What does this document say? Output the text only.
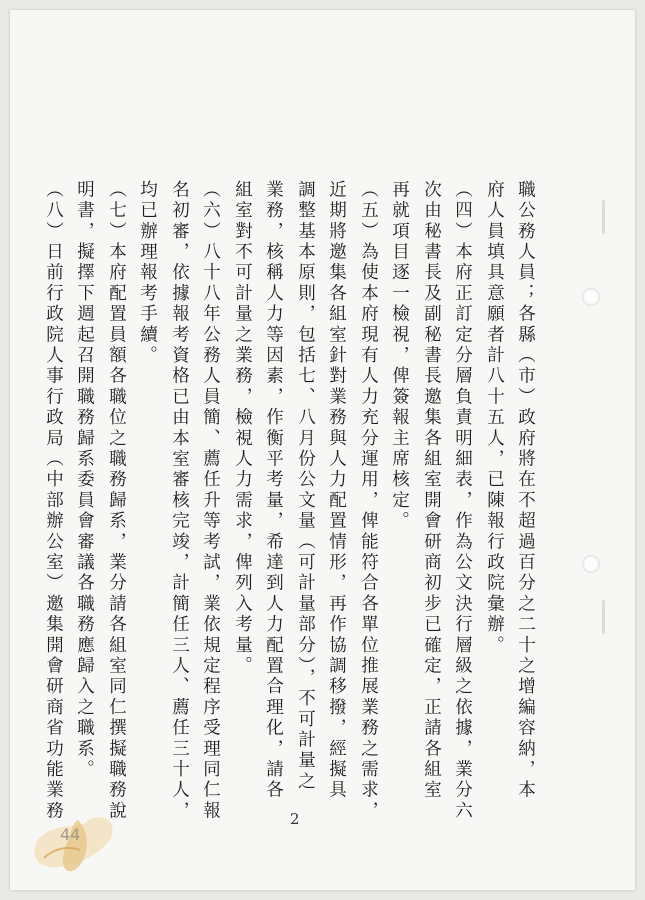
職公務人員；各縣（市）政府將在不超過百分之二十之增編容納，本
府人員填具意願者計八十五人，已陳報行政院彙辦。
（四）本府正訂定分層負責明細表，作為公文決行層級之依據，業分六
次由秘書長及副秘書長邀集各組室開會研商初步已確定，正請各組室
再就項目逐一檢視，俾簽報主席核定。
（五）為使本府現有人力充分運用，俾能符合各單位推展業務之需求，
近期將邀集各組室針對業務與人力配置情形，再作協調移撥，經擬具
調整基本原則，包括七、八月份公文量（可計量部分），不可計量之
業務，核稱人力等因素，作衡平考量，希達到人力配置合理化，請各
組室對不可計量之業務，檢視人力需求，俾列入考量。
（六）八十八年公務人員簡、薦任升等考試，業依規定程序受理同仁報
名初審，依據報考資格已由本室審核完竣，計簡任三人、薦任三十人，
均已辦理報考手續。
（七）本府配置員額各職位之職務歸系，業分請各組室同仁撰擬職務說
明書，擬擇下週起召開職務歸系委員會審議各職務應歸入之職系。
（八）日前行政院人事行政局（中部辦公室）邀集開會研商省功能業務	2
44
